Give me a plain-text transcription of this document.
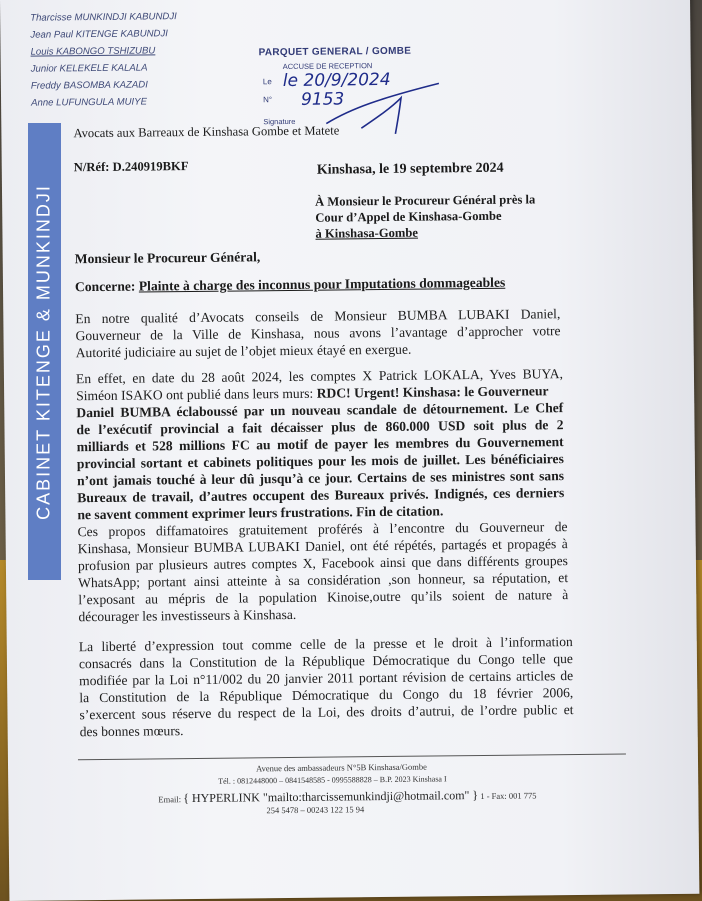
Tharcisse MUNKINDJI KABUNDJI
Jean Paul KITENGE KABUNDJI
Louis KABONGO TSHIZUBU
Junior KELEKELE KALALA
Freddy BASOMBA KAZADI
Anne LUFUNGULA MUIYE
PARQUET GENERAL / GOMBE
ACCUSE DE RECEPTION
Le
N°
Signature
le 20/9/2024
9153
Avocats aux Barreaux de Kinshasa Gombe et Matete
N/Réf: D.240919BKF	Kinshasa, le 19 septembre 2024
À Monsieur le Procureur Général près la
Cour d’Appel de Kinshasa-Gombe
à Kinshasa-Gombe
Monsieur le Procureur Général,
Concerne: Plainte à charge des inconnus pour Imputations dommageables
En notre qualité d’Avocats conseils de Monsieur BUMBA LUBAKI Daniel,
Gouverneur de la Ville de Kinshasa, nous avons l’avantage d’approcher votre
Autorité judiciaire au sujet de l’objet mieux étayé en exergue.
En effet, en date du 28 août 2024, les comptes X Patrick LOKALA, Yves BUYA,
Siméon ISAKO ont publié dans leurs murs: RDC! Urgent! Kinshasa: le Gouverneur
Daniel BUMBA éclaboussé par un nouveau scandale de détournement. Le Chef
de l’exécutif provincial a fait décaisser plus de 860.000 USD soit plus de 2
milliards et 528 millions FC au motif de payer les membres du Gouvernement
provincial sortant et cabinets politiques pour les mois de juillet. Les bénéficiaires
n’ont jamais touché à leur dû jusqu’à ce jour. Certains de ses ministres sont sans
Bureaux de travail, d’autres occupent des Bureaux privés. Indignés, ces derniers
ne savent comment exprimer leurs frustrations. Fin de citation.
Ces propos diffamatoires gratuitement proférés à l’encontre du Gouverneur de
Kinshasa, Monsieur BUMBA LUBAKI Daniel, ont été répétés, partagés et propagés à
profusion par plusieurs autres comptes X, Facebook ainsi que dans différents groupes
WhatsApp; portant ainsi atteinte à sa considération ,son honneur, sa réputation, et
l’exposant au mépris de la population Kinoise,outre qu’ils soient de nature à
décourager les investisseurs à Kinshasa.
La liberté d’expression tout comme celle de la presse et le droit à l’information
consacrés dans la Constitution de la République Démocratique du Congo telle que
modifiée par la Loi n°11/002 du 20 janvier 2011 portant révision de certains articles de
la Constitution de la République Démocratique du Congo du 18 février 2006,
s’exercent sous réserve du respect de la Loi, des droits d’autrui, de l’ordre public et
des bonnes mœurs.
Avenue des ambassadeurs N°5B Kinshasa/Gombe
Tél. : 0812448000 – 0841548585 - 0995588828 – B.P. 2023 Kinshasa I
Email: { HYPERLINK "mailto:tharcissemunkindji@hotmail.com" } 1 - Fax: 001 775
254 5478 – 00243 122 15 94
CABINET KITENGE & MUNKINDJI
